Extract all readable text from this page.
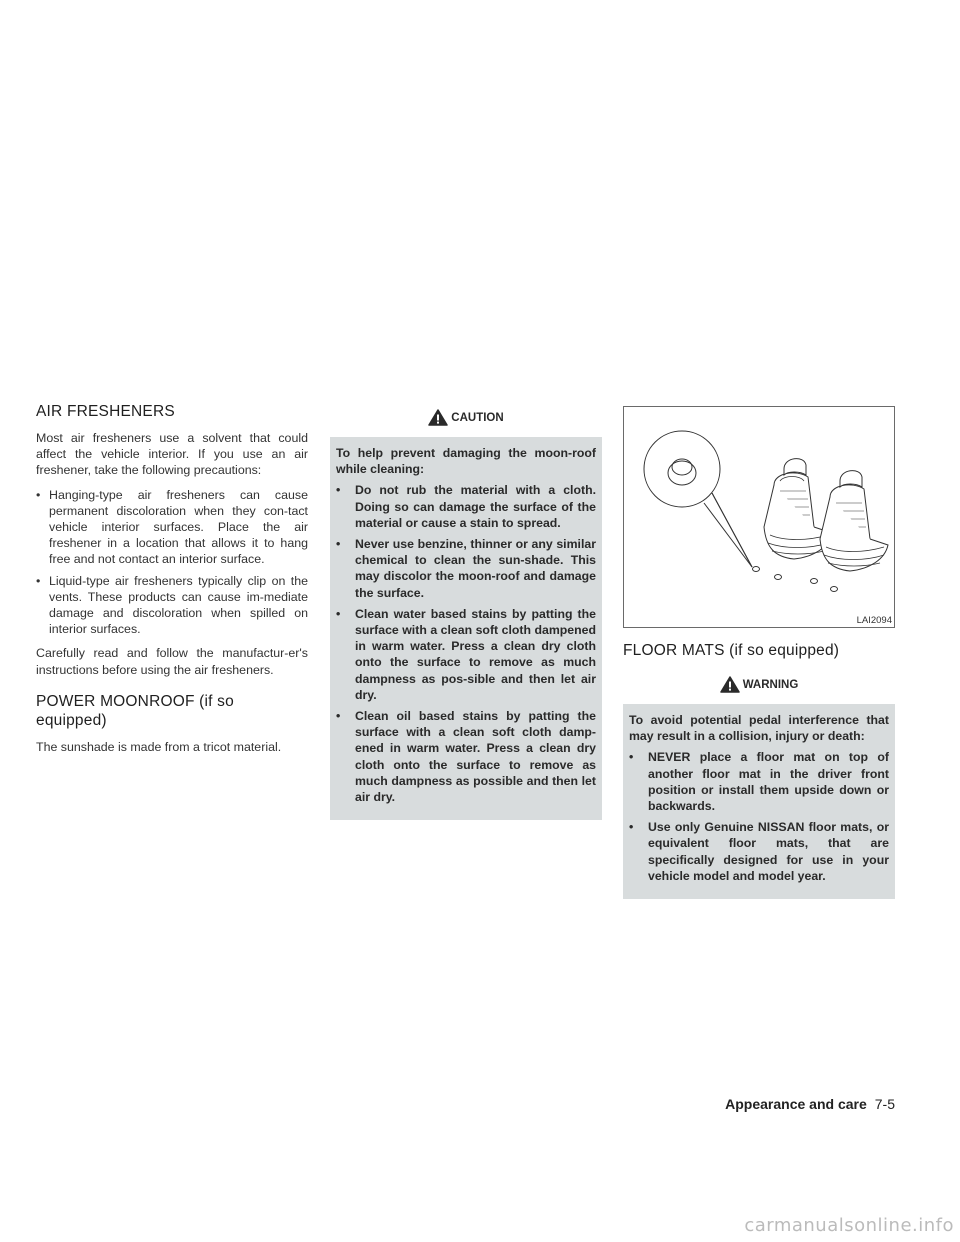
AIR FRESHENERS

Most air fresheners use a solvent that could affect the vehicle interior. If you use an air freshener, take the following precautions:

• Hanging-type air fresheners can cause permanent discoloration when they con-tact vehicle interior surfaces. Place the air freshener in a location that allows it to hang free and not contact an interior surface.
• Liquid-type air fresheners typically clip on the vents. These products can cause im-mediate damage and discoloration when spilled on interior surfaces.

Carefully read and follow the manufactur-er's instructions before using the air fresheners.

POWER MOONROOF (if so
equipped)

The sunshade is made from a tricot material.

CAUTION

To help prevent damaging the moon-roof while cleaning:

• Do not rub the material with a cloth. Doing so can damage the surface of the material or cause a stain to spread.
• Never use benzine, thinner or any similar chemical to clean the sun-shade. This may discolor the moon-roof and damage the surface.
• Clean water based stains by patting the surface with a clean soft cloth dampened in warm water. Press a clean dry cloth onto the surface to remove as much dampness as pos-sible and then let air dry.
• Clean oil based stains by patting the surface with a clean soft cloth damp-ened in warm water. Press a clean dry cloth onto the surface to remove as much dampness as possible and then let air dry.
LAI2094
FLOOR MATS (if so equipped)
WARNING

To avoid potential pedal interference that may result in a collision, injury or death:

• NEVER place a floor mat on top of another floor mat in the driver front position or install them upside down or backwards.
• Use only Genuine NISSAN floor mats, or equivalent floor mats, that are specifically designed for use in your vehicle model and model year.
Appearance and care 7-5
carmanualsonline.info
